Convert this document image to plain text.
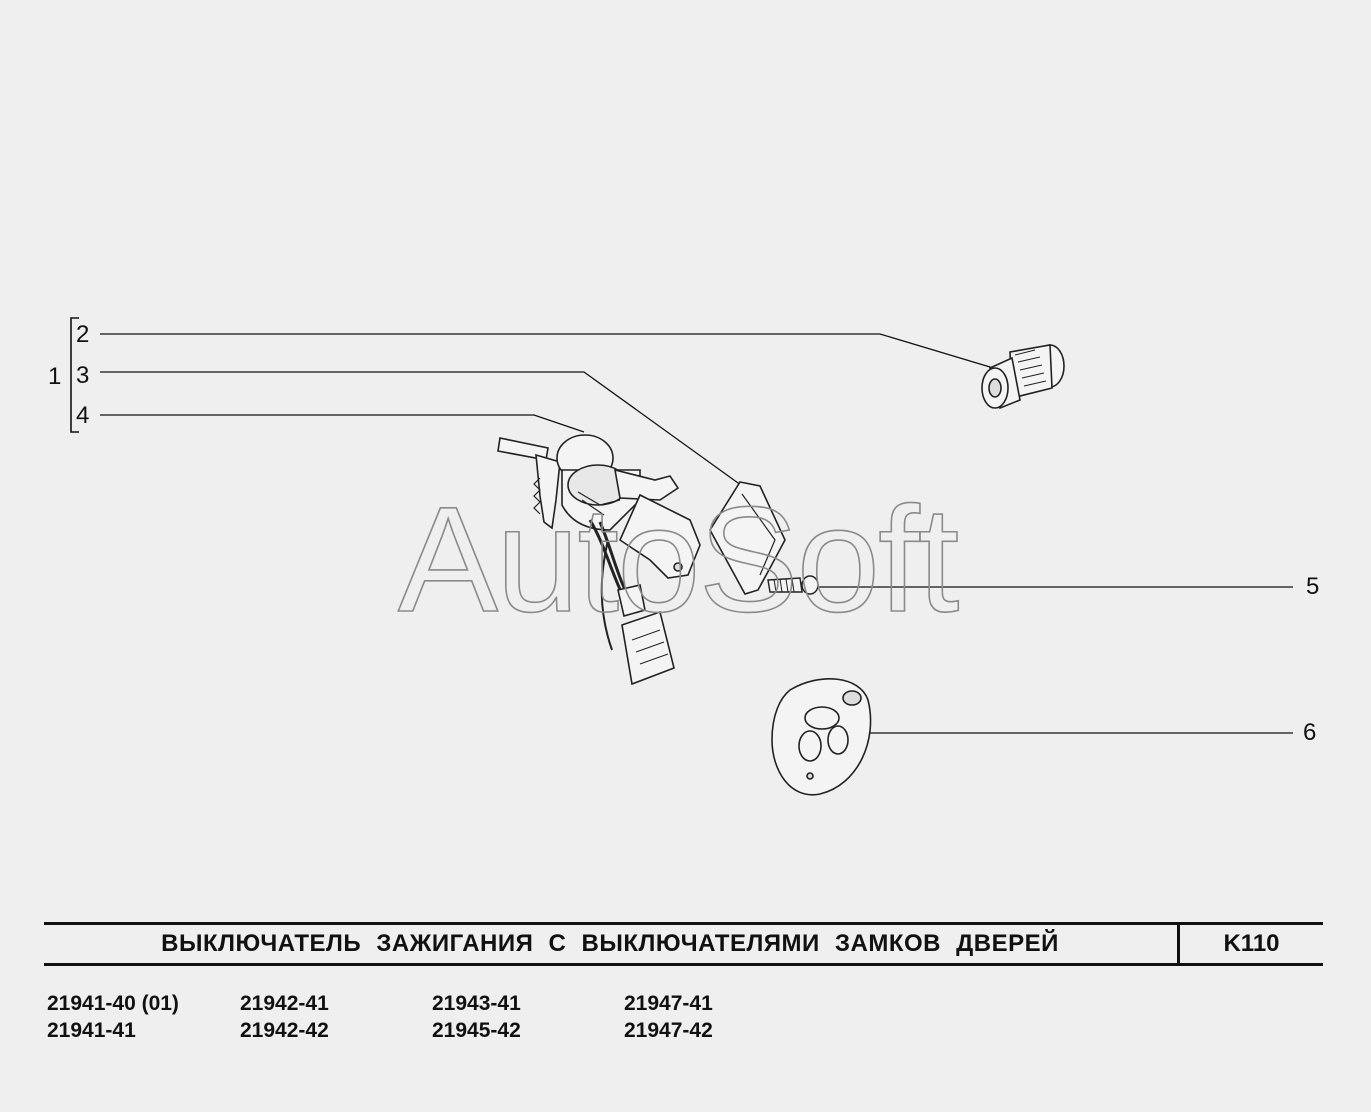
1
2
3
4
5
6
ВЫКЛЮЧАТЕЛЬ ЗАЖИГАНИЯ С ВЫКЛЮЧАТЕЛЯМИ ЗАМКОВ ДВЕРЕЙ	K110
21941-40 (01)
21941-41
21942-41
21942-42
21943-41
21945-42
21947-41
21947-42
